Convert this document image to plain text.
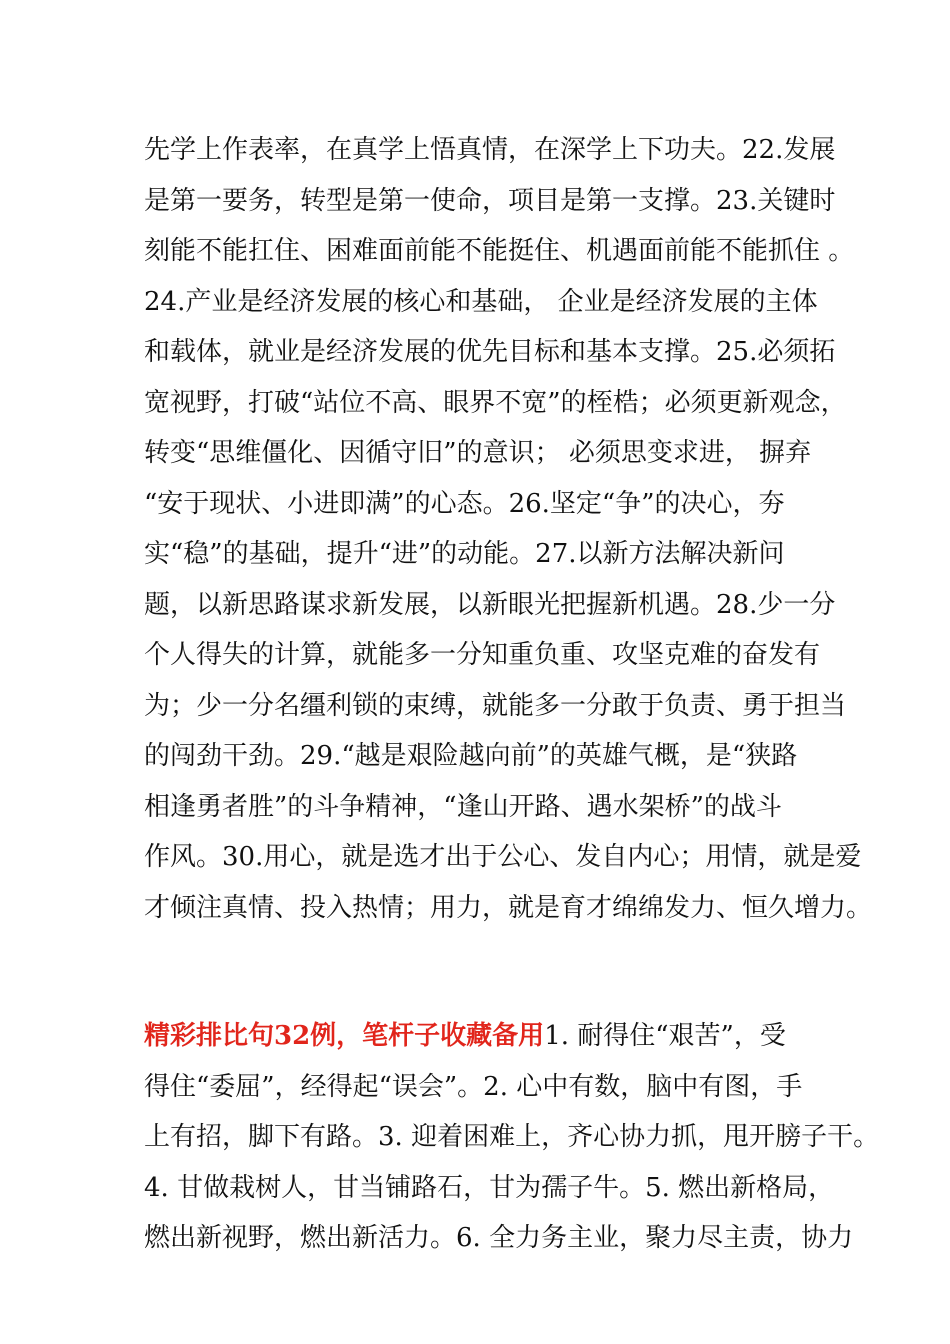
先学上作表率，在真学上悟真情，在深学上下功夫。22.发展
是第一要务，转型是第一使命，项目是第一支撑。23.关键时
刻能不能扛住、困难面前能不能挺住、机遇面前能不能抓住 。
24.产业是经济发展的核心和基础， 企业是经济发展的主体
和载体，就业是经济发展的优先目标和基本支撑。25.必须拓
宽视野，打破“站位不高、眼界不宽”的桎梏；必须更新观念，
转变“思维僵化、因循守旧”的意识； 必须思变求进， 摒弃
“安于现状、小进即满”的心态。26.坚定“争”的决心，夯
实“稳”的基础，提升“进”的动能。27.以新方法解决新问
题，以新思路谋求新发展，以新眼光把握新机遇。28.少一分
个人得失的计算，就能多一分知重负重、攻坚克难的奋发有
为；少一分名缰利锁的束缚，就能多一分敢于负责、勇于担当
的闯劲干劲。29.“越是艰险越向前”的英雄气概，是“狭路
相逢勇者胜”的斗争精神，“逢山开路、遇水架桥”的战斗
作风。30.用心，就是选才出于公心、发自内心；用情，就是爱
才倾注真情、投入热情；用力，就是育才绵绵发力、恒久增力。
精彩排比句32例，笔杆子收藏备用1. 耐得住“艰苦”，受
得住“委屈”，经得起“误会”。2. 心中有数，脑中有图，手
上有招，脚下有路。3. 迎着困难上，齐心协力抓，甩开膀子干。
4. 甘做栽树人，甘当铺路石，甘为孺子牛。5. 燃出新格局，
燃出新视野，燃出新活力。6. 全力务主业，聚力尽主责，协力
